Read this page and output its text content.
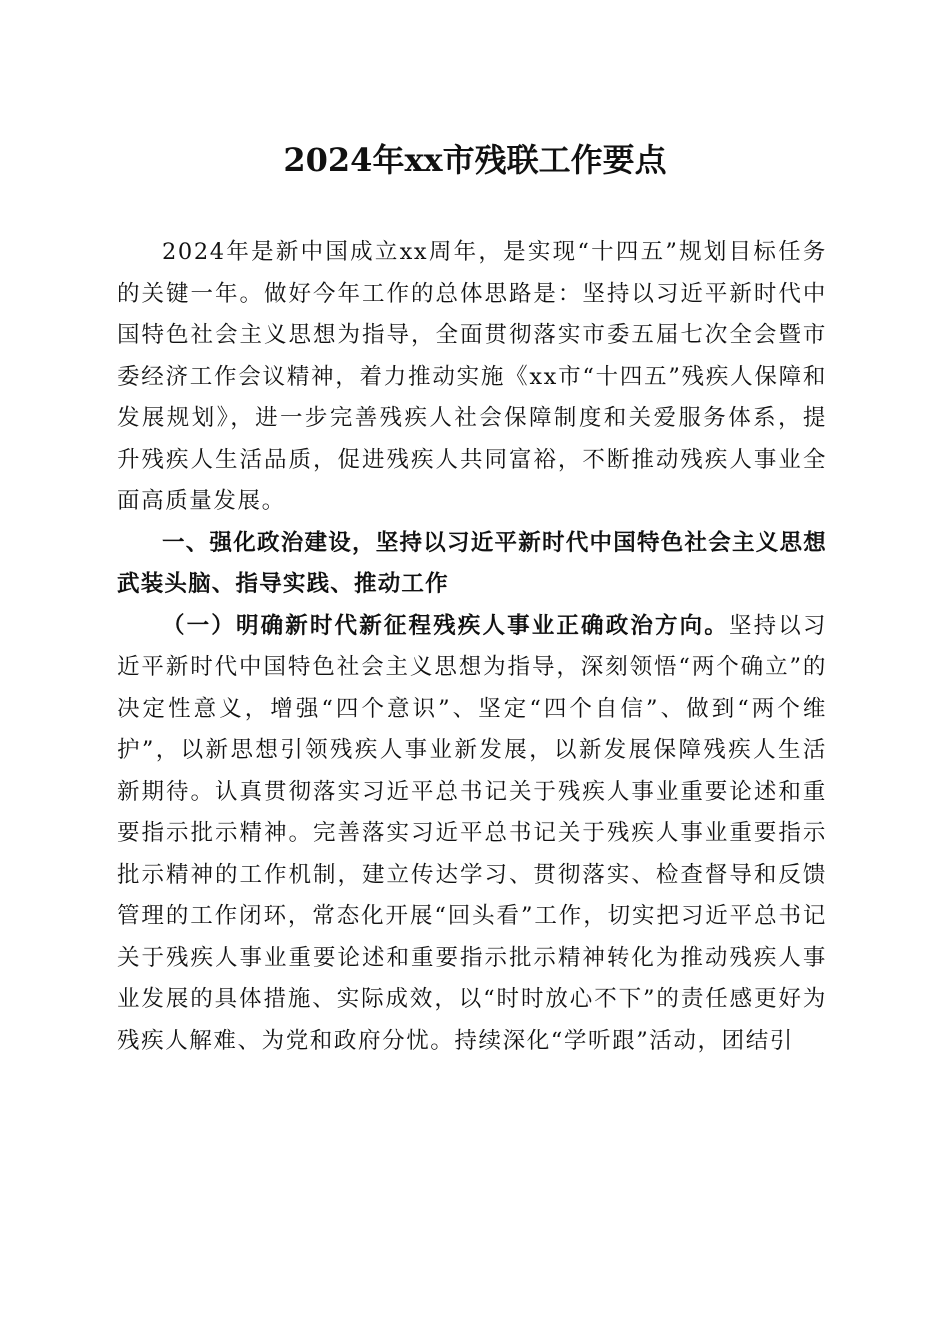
2024年xx市残联工作要点

2024年是新中国成立xx周年，是实现“十四五”规划目标任务的关键一年。做好今年工作的总体思路是：坚持以习近平新时代中国特色社会主义思想为指导，全面贯彻落实市委五届七次全会暨市委经济工作会议精神，着力推动实施《xx市“十四五”残疾人保障和发展规划》，进一步完善残疾人社会保障制度和关爱服务体系，提升残疾人生活品质，促进残疾人共同富裕，不断推动残疾人事业全面高质量发展。

一、强化政治建设，坚持以习近平新时代中国特色社会主义思想武装头脑、指导实践、推动工作

（一）明确新时代新征程残疾人事业正确政治方向。坚持以习近平新时代中国特色社会主义思想为指导，深刻领悟“两个确立”的决定性意义，增强“四个意识”、坚定“四个自信”、做到“两个维护”，以新思想引领残疾人事业新发展，以新发展保障残疾人生活新期待。认真贯彻落实习近平总书记关于残疾人事业重要论述和重要指示批示精神。完善落实习近平总书记关于残疾人事业重要指示批示精神的工作机制，建立传达学习、贯彻落实、检查督导和反馈管理的工作闭环，常态化开展“回头看”工作，切实把习近平总书记关于残疾人事业重要论述和重要指示批示精神转化为推动残疾人事业发展的具体措施、实际成效，以“时时放心不下”的责任感更好为残疾人解难、为党和政府分忧。持续深化“学听跟”活动，团结引
